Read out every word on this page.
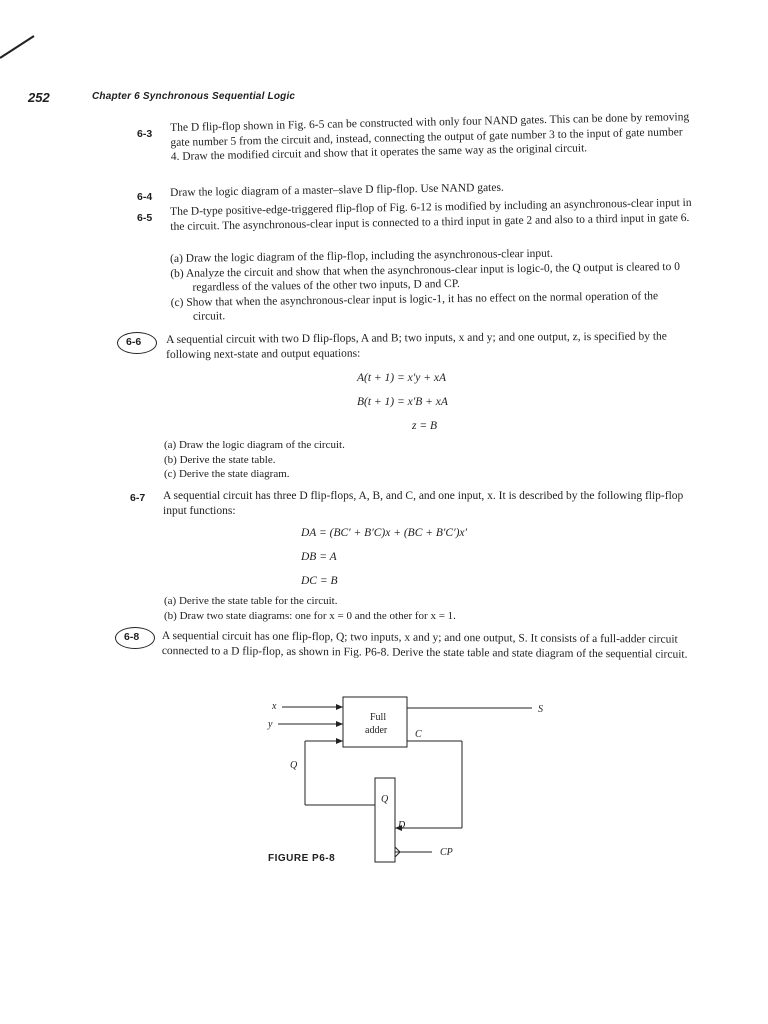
252	Chapter 6 Synchronous Sequential Logic
6-3
The D flip-flop shown in Fig. 6-5 can be constructed with only four NAND gates. This can be done by removing gate number 5 from the circuit and, instead, connecting the output of gate number 3 to the input of gate number 4. Draw the modified circuit and show that it operates the same way as the original circuit.
6-4 Draw the logic diagram of a master–slave D flip-flop. Use NAND gates.
6-5
The D-type positive-edge-triggered flip-flop of Fig. 6-12 is modified by including an asynchronous-clear input in the circuit. The asynchronous-clear input is connected to a third input in gate 2 and also to a third input in gate 6.
(a) Draw the logic diagram of the flip-flop, including the asynchronous-clear input.
(b) Analyze the circuit and show that when the asynchronous-clear input is logic-0, the Q output is cleared to 0 regardless of the values of the other two inputs, D and CP.
(c) Show that when the asynchronous-clear input is logic-1, it has no effect on the normal operation of the circuit.
6-6 A sequential circuit with two D flip-flops, A and B; two inputs, x and y; and one output, z, is specified by the following next-state and output equations:
A(t + 1) = x′y + xA
B(t + 1) = x′B + xA
z = B
(a) Draw the logic diagram of the circuit.
(b) Derive the state table.
(c) Derive the state diagram.
6-7 A sequential circuit has three D flip-flops, A, B, and C, and one input, x. It is described by the following flip-flop input functions:
DA = (BC′ + B′C)x + (BC + B′C′)x′
DB = A
DC = B
(a) Derive the state table for the circuit.
(b) Draw two state diagrams: one for x = 0 and the other for x = 1.
6-8 A sequential circuit has one flip-flop, Q; two inputs, x and y; and one output, S. It consists of a full-adder circuit connected to a D flip-flop, as shown in Fig. P6-8. Derive the state table and state diagram of the sequential circuit.
Full
adder
x
y
Q
S
C
Q
D
CP
FIGURE P6-8
